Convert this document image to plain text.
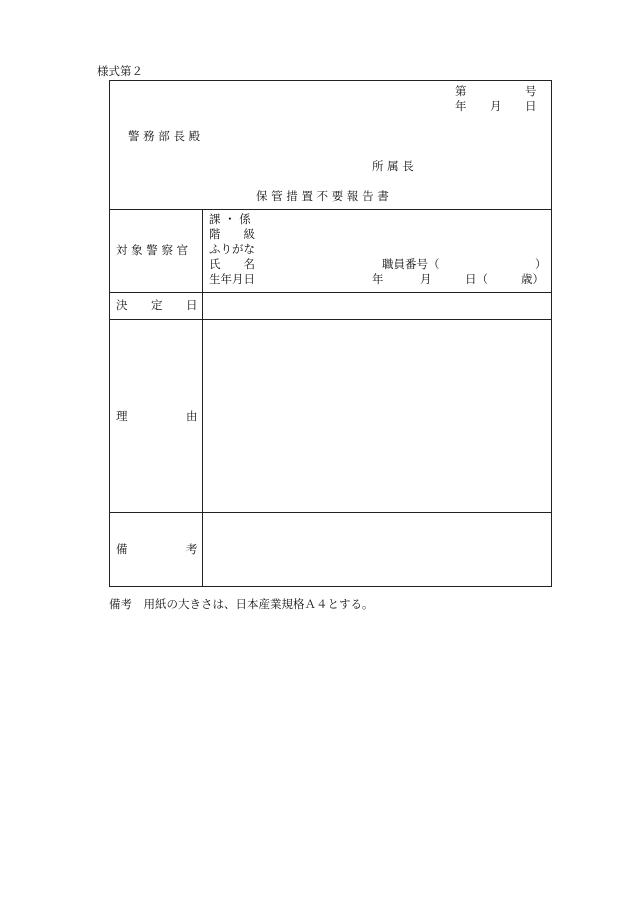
様式第２
第	号
年 月 日
警 務 部 長 殿
所 属 長
保 管 措 置 不 要 報 告 書
対 象 警 察 官
課 ・ 係
階　　級
ふりがな
氏　　名	職員番号（	）
生年月日	年	月	日（	歳）
決 定 日
理	由
備	考
備考　用紙の大きさは、日本産業規格Ａ４とする。
